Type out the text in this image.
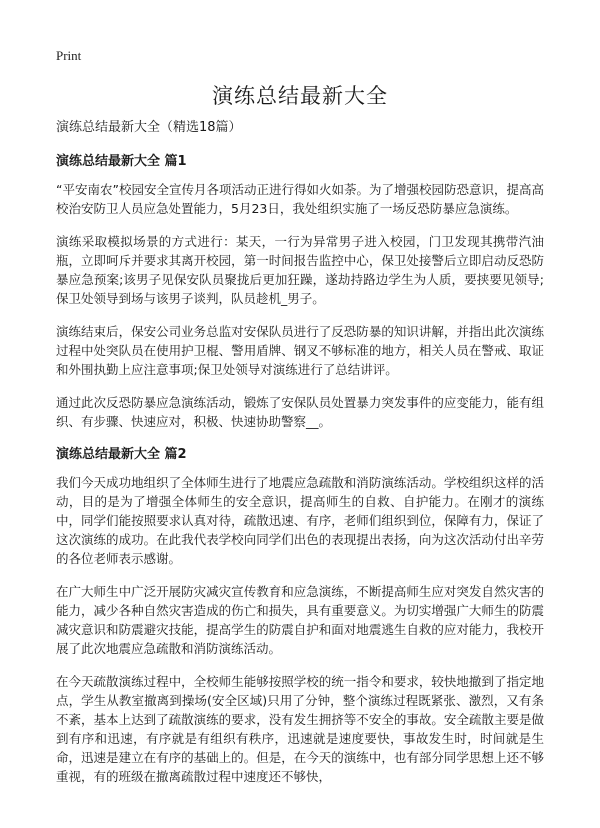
Print
演练总结最新大全

演练总结最新大全（精选18篇）

演练总结最新大全 篇1

“平安南农”校园安全宣传月各项活动正进行得如火如荼。为了增强校园防恐意识，提高高校治安防卫人员应急处置能力，5月23日，我处组织实施了一场反恐防暴应急演练。

演练采取模拟场景的方式进行：某天，一行为异常男子进入校园，门卫发现其携带汽油瓶，立即呵斥并要求其离开校园，第一时间报告监控中心，保卫处接警后立即启动反恐防暴应急预案;该男子见保安队员聚拢后更加狂躁，遂劫持路边学生为人质，要挟要见领导;保卫处领导到场与该男子谈判，队员趁机_男子。

演练结束后，保安公司业务总监对安保队员进行了反恐防暴的知识讲解，并指出此次演练过程中处突队员在使用护卫棍、警用盾牌、钢叉不够标准的地方，相关人员在警戒、取证和外围执勤上应注意事项;保卫处领导对演练进行了总结讲评。

通过此次反恐防暴应急演练活动，锻炼了安保队员处置暴力突发事件的应变能力，能有组织、有步骤、快速应对，积极、快速协助警察__。

演练总结最新大全 篇2

我们今天成功地组织了全体师生进行了地震应急疏散和消防演练活动。学校组织这样的活动，目的是为了增强全体师生的安全意识，提高师生的自救、自护能力。在刚才的演练中，同学们能按照要求认真对待，疏散迅速、有序，老师们组织到位，保障有力，保证了这次演练的成功。在此我代表学校向同学们出色的表现提出表扬，向为这次活动付出辛劳的各位老师表示感谢。

在广大师生中广泛开展防灾减灾宣传教育和应急演练，不断提高师生应对突发自然灾害的能力，减少各种自然灾害造成的伤亡和损失，具有重要意义。为切实增强广大师生的防震减灾意识和防震避灾技能，提高学生的防震自护和面对地震逃生自救的应对能力，我校开展了此次地震应急疏散和消防演练活动。

在今天疏散演练过程中，全校师生能够按照学校的统一指令和要求，较快地撤到了指定地点，学生从教室撤离到操场(安全区域)只用了分钟，整个演练过程既紧张、激烈，又有条不紊，基本上达到了疏散演练的要求，没有发生拥挤等不安全的事故。安全疏散主要是做到有序和迅速，有序就是有组织有秩序，迅速就是速度要快，事故发生时，时间就是生命，迅速是建立在有序的基础上的。但是，在今天的演练中，也有部分同学思想上还不够重视，有的班级在撤离疏散过程中速度还不够快，
